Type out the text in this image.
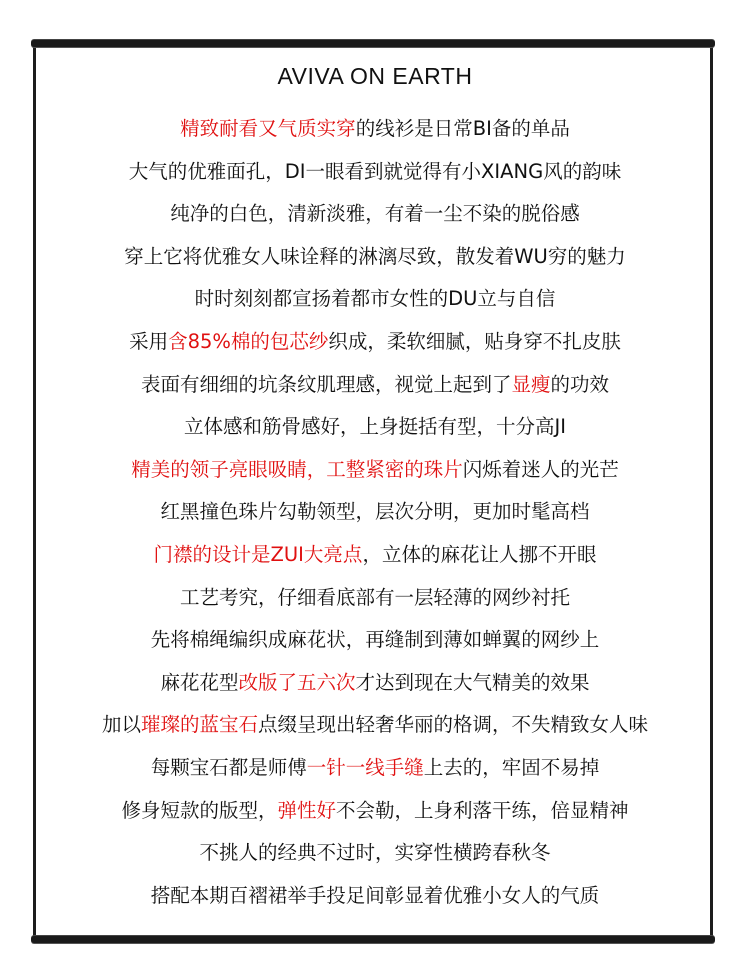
AVIVA ON EARTH
精致耐看又气质实穿的线衫是日常BI备的单品
大气的优雅面孔，DI一眼看到就觉得有小XIANG风的韵味
纯净的白色，清新淡雅，有着一尘不染的脱俗感
穿上它将优雅女人味诠释的淋漓尽致，散发着WU穷的魅力
时时刻刻都宣扬着都市女性的DU立与自信
采用含85%棉的包芯纱织成，柔软细腻，贴身穿不扎皮肤
表面有细细的坑条纹肌理感，视觉上起到了显瘦的功效
立体感和筋骨感好，上身挺括有型，十分高JI
精美的领子亮眼吸睛，工整紧密的珠片闪烁着迷人的光芒
红黑撞色珠片勾勒领型，层次分明，更加时髦高档
门襟的设计是ZUI大亮点，立体的麻花让人挪不开眼
工艺考究，仔细看底部有一层轻薄的网纱衬托
先将棉绳编织成麻花状，再缝制到薄如蝉翼的网纱上
麻花花型改版了五六次才达到现在大气精美的效果
加以璀璨的蓝宝石点缀呈现出轻奢华丽的格调，不失精致女人味
每颗宝石都是师傅一针一线手缝上去的，牢固不易掉
修身短款的版型，弹性好不会勒，上身利落干练，倍显精神
不挑人的经典不过时，实穿性横跨春秋冬
搭配本期百褶裙举手投足间彰显着优雅小女人的气质
